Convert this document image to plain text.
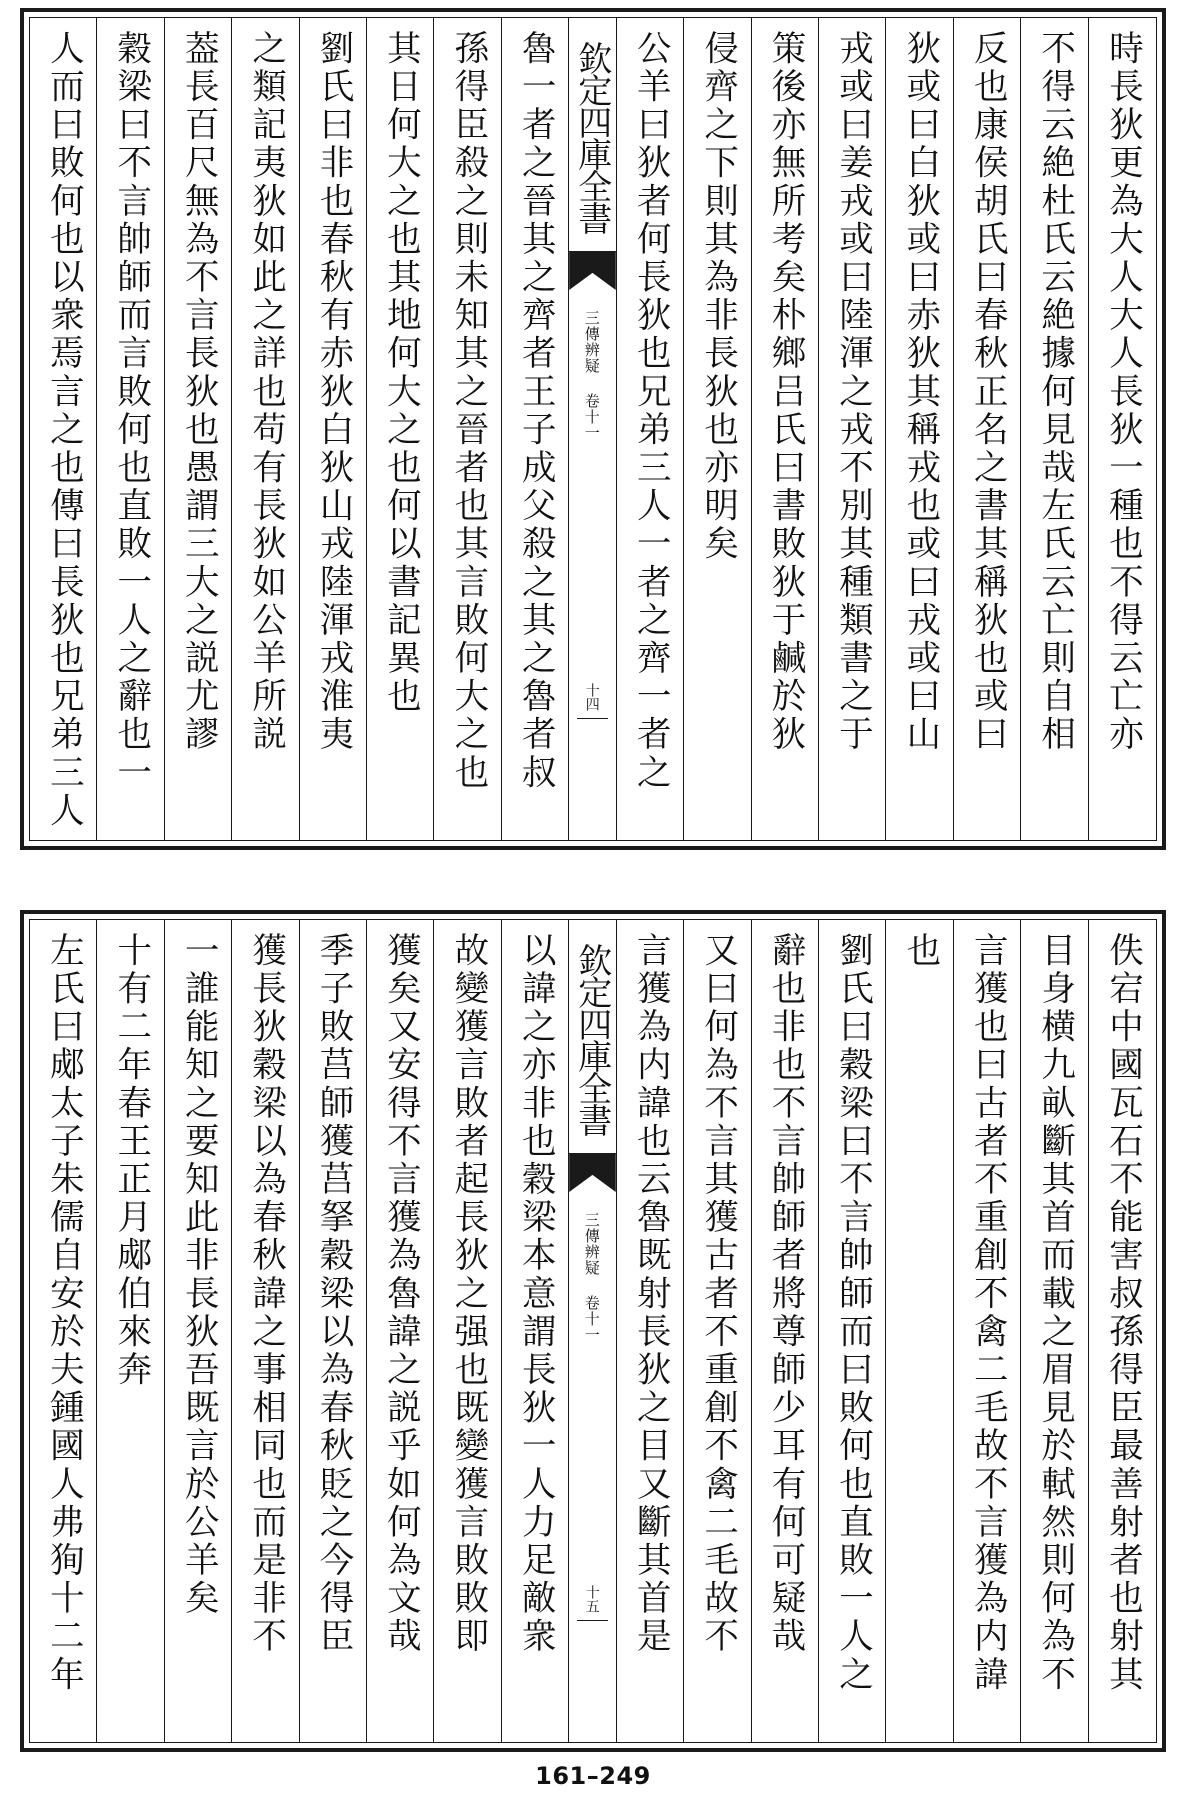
時長狄更為大人大人長狄一種也不得云亡亦
不得云絶杜氏云絶據何見哉左氏云亡則自相
反也康侯胡氏曰春秋正名之書其稱狄也或曰
狄或曰白狄或曰赤狄其稱戎也或曰戎或曰山
戎或曰姜戎或曰陸渾之戎不別其種類書之于
策後亦無所考矣朴鄉吕氏曰書敗狄于鹹於狄
侵齊之下則其為非長狄也亦明矣
公羊曰狄者何長狄也兄弟三人一者之齊一者之
欽定四庫全書
三傳辨疑 卷十一
十四
魯一者之晉其之齊者王子成父殺之其之魯者叔
孫得臣殺之則未知其之晉者也其言敗何大之也
其日何大之也其地何大之也何以書記異也
劉氏曰非也春秋有赤狄白狄山戎陸渾戎淮夷
之類記夷狄如此之詳也苟有長狄如公羊所説
葢長百尺無為不言長狄也愚謂三大之説尤謬
穀梁曰不言帥師而言敗何也直敗一人之辭也一
人而曰敗何也以衆焉言之也傳曰長狄也兄弟三人
佚宕中國瓦石不能害叔孫得臣最善射者也射其
目身横九畒斷其首而載之眉見於軾然則何為不
言獲也曰古者不重創不禽二毛故不言獲為内諱
也
劉氏曰穀梁曰不言帥師而曰敗何也直敗一人之
辭也非也不言帥師者將尊師少耳有何可疑哉
又曰何為不言其獲古者不重創不禽二毛故不
言獲為内諱也云魯既射長狄之目又斷其首是
欽定四庫全書
三傳辨疑 卷十一
十五
以諱之亦非也穀梁本意謂長狄一人力足敵衆
故變獲言敗者起長狄之强也既變獲言敗敗即
獲矣又安得不言獲為魯諱之説乎如何為文哉
季子敗莒師獲莒拏穀梁以為春秋貶之今得臣
獲長狄穀梁以為春秋諱之事相同也而是非不
一誰能知之要知此非長狄吾既言於公羊矣
十有二年春王正月郕伯來奔
左氏曰郕太子朱儒自安於夫鍾國人弗狥十二年
161–249
